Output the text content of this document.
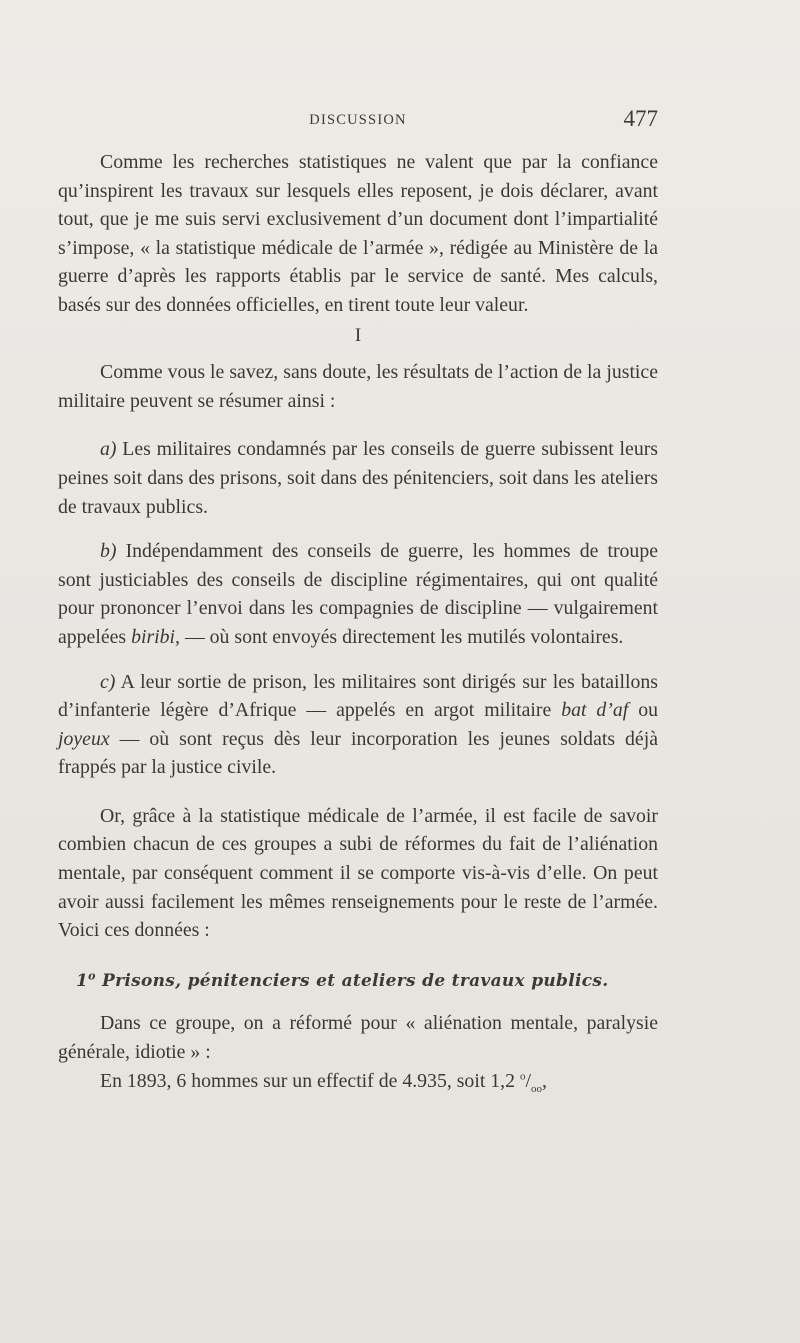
DISCUSSION	477

Comme les recherches statistiques ne valent que par la confiance qu’inspirent les travaux sur lesquels elles reposent, je dois déclarer, avant tout, que je me suis servi exclusivement d’un document dont l’impartialité s’impose, « la statistique médicale de l’armée », rédigée au Ministère de la guerre d’après les rapports établis par le service de santé. Mes calculs, basés sur des données officielles, en tirent toute leur valeur.

I

Comme vous le savez, sans doute, les résultats de l’action de la justice militaire peuvent se résumer ainsi :

a) Les militaires condamnés par les conseils de guerre subissent leurs peines soit dans des prisons, soit dans des pénitenciers, soit dans les ateliers de travaux publics.

b) Indépendamment des conseils de guerre, les hommes de troupe sont justiciables des conseils de discipline régimentaires, qui ont qualité pour prononcer l’envoi dans les compagnies de discipline — vulgairement appelées biribi, — où sont envoyés directement les mutilés volontaires.

c) A leur sortie de prison, les militaires sont dirigés sur les bataillons d’infanterie légère d’Afrique — appelés en argot militaire bat d’af ou joyeux — où sont reçus dès leur incorporation les jeunes soldats déjà frappés par la justice civile.

Or, grâce à la statistique médicale de l’armée, il est facile de savoir combien chacun de ces groupes a subi de réformes du fait de l’aliénation mentale, par conséquent comment il se comporte vis-à-vis d’elle. On peut avoir aussi facilement les mêmes renseignements pour le reste de l’armée. Voici ces données :

1$^o$ Prisons, pénitenciers et ateliers de travaux publics.

Dans ce groupe, on a réformé pour « aliénation mentale, paralysie générale, idiotie » :

En 1893, 6 hommes sur un effectif de 4.935, soit 1,2 $^o/_{oo}$,
